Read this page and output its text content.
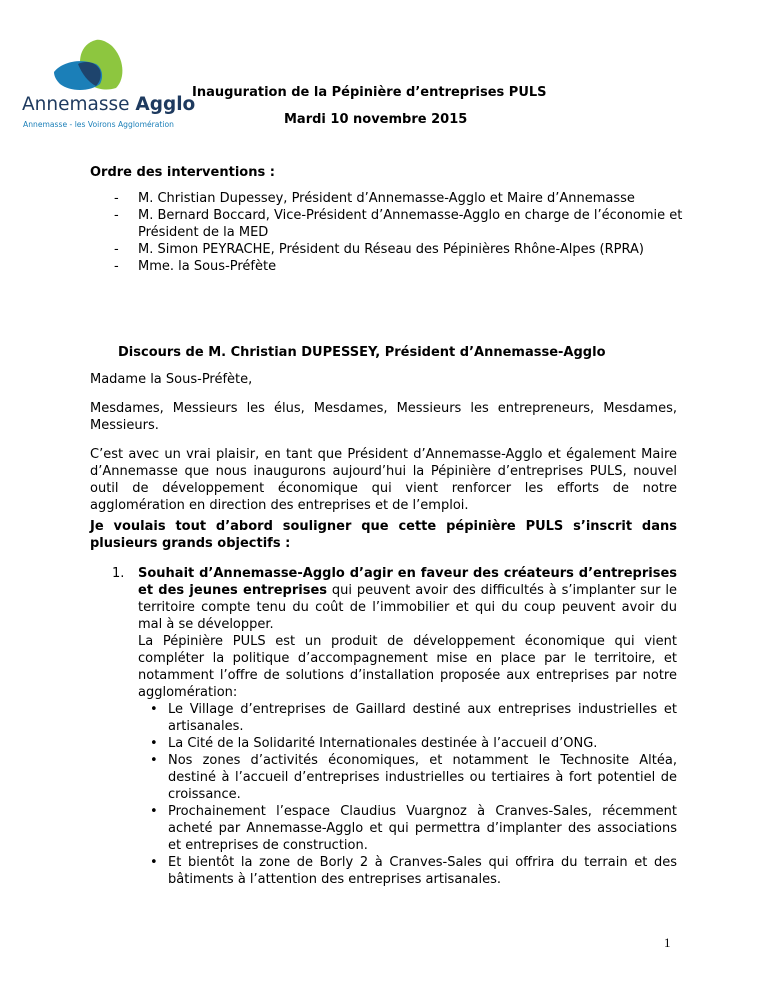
Annemasse Agglo
Annemasse - les Voirons Agglomération
Inauguration de la Pépinière d’entreprises PULS
Mardi 10 novembre 2015
Ordre des interventions :
- M. Christian Dupessey, Président d’Annemasse-Agglo et Maire d’Annemasse
- M. Bernard Boccard, Vice-Président d’Annemasse-Agglo en charge de l’économie et Président de la MED
- M. Simon PEYRACHE, Président du Réseau des Pépinières Rhône-Alpes (RPRA)
- Mme. la Sous-Préfète
Discours de M. Christian DUPESSEY, Président d’Annemasse-Agglo

Madame la Sous-Préfète,

Mesdames, Messieurs les élus, Mesdames, Messieurs les entrepreneurs, Mesdames, Messieurs.

C’est avec un vrai plaisir, en tant que Président d’Annemasse-Agglo et également Maire d’Annemasse que nous inaugurons aujourd’hui la Pépinière d’entreprises PULS, nouvel outil de développement économique qui vient renforcer les efforts de notre agglomération en direction des entreprises et de l’emploi.

Je voulais tout d’abord souligner que cette pépinière PULS s’inscrit dans plusieurs grands objectifs :

1. Souhait d’Annemasse-Agglo d’agir en faveur des créateurs d’entreprises et des jeunes entreprises qui peuvent avoir des difficultés à s’implanter sur le territoire compte tenu du coût de l’immobilier et qui du coup peuvent avoir du mal à se développer.

La Pépinière PULS est un produit de développement économique qui vient compléter la politique d’accompagnement mise en place par le territoire, et notamment l’offre de solutions d’installation proposée aux entreprises par notre agglomération:

• Le Village d’entreprises de Gaillard destiné aux entreprises industrielles et artisanales.
• La Cité de la Solidarité Internationales destinée à l’accueil d’ONG.
• Nos zones d’activités économiques, et notamment le Technosite Altéa, destiné à l’accueil d’entreprises industrielles ou tertiaires à fort potentiel de croissance.
• Prochainement l’espace Claudius Vuargnoz à Cranves-Sales, récemment acheté par Annemasse-Agglo et qui permettra d’implanter des associations et entreprises de construction.
• Et bientôt la zone de Borly 2 à Cranves-Sales qui offrira du terrain et des bâtiments à l’attention des entreprises artisanales.
1
